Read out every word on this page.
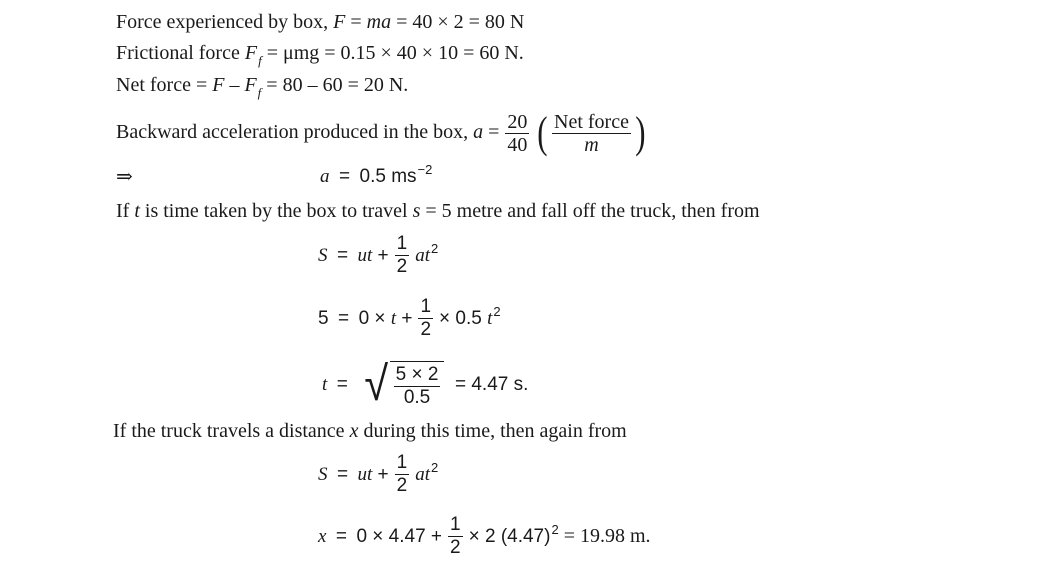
Force experienced by box, F = ma = 40 × 2 = 80 N
Frictional force $F_f = \mu mg = 0.15 \times 40 \times 10 = 60$ N.
Net force = $F - F_f = 80 - 60 = 20$ N.
Backward acceleration produced in the box, $a = \frac{20}{40}$ ( $\frac{\text{Net force}}{m}$ )
⇒	a = 0.5 $ms^{-2}$
If t is time taken by the box to travel s = 5 metre and fall off the truck, then from
S = ut + $\frac{1}{2} at^2$
$5 = 0 \times t + \frac{1}{2} \times 0.5$ $t^2$
t = √ $\frac{5 \times 2}{0.5} = 4.47$ s.
If the truck travels a distance x during this time, then again from
S = ut + $\frac{1}{2} at^2$
$x = 0 \times 4.47 + \frac{1}{2} \times 2$ $(4.47)^2 = 19.98$ m.
